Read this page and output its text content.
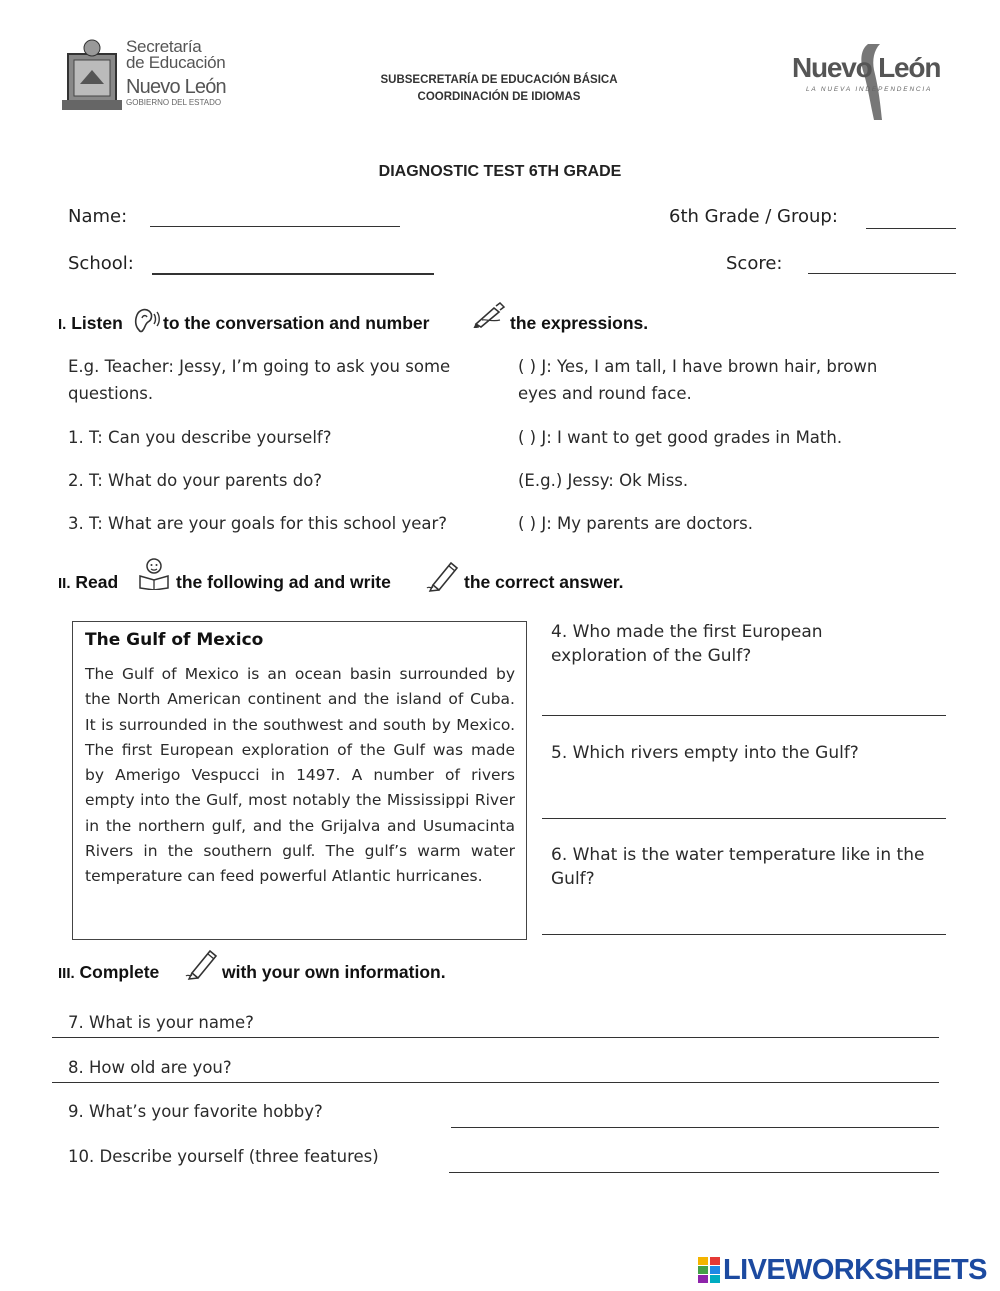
Secretaría
de Educación
Nuevo León
GOBIERNO DEL ESTADO
SUBSECRETARÍA DE EDUCACIÓN BÁSICA
COORDINACIÓN DE IDIOMAS
Nuevo León
LA NUEVA INDEPENDENCIA
DIAGNOSTIC TEST 6TH GRADE
Name:	6th Grade / Group:
School:	Score:
I. Listen to the conversation and number	the expressions.
E.g. Teacher: Jessy, I’m going to ask you some questions.
1. T: Can you describe yourself?
2. T: What do your parents do?
3. T: What are your goals for this school year?
( ) J: Yes, I am tall, I have brown hair, brown eyes and round face.
( ) J: I want to get good grades in Math.
(E.g.) Jessy: Ok Miss.
( ) J: My parents are doctors.
II. Read	the following ad and write	the correct answer.
The Gulf of Mexico

The Gulf of Mexico is an ocean basin surrounded by the North American continent and the island of Cuba. It is surrounded in the southwest and south by Mexico. The first European exploration of the Gulf was made by Amerigo Vespucci in 1497. A number of rivers empty into the Gulf, most notably the Mississippi River in the northern gulf, and the Grijalva and Usumacinta Rivers in the southern gulf. The gulf’s warm water temperature can feed powerful Atlantic hurricanes.

4. Who made the first European exploration of the Gulf?
5. Which rivers empty into the Gulf?
6. What is the water temperature like in the Gulf?
III. Complete	with your own information.
7. What is your name?
8. How old are you?
9. What’s your favorite hobby?
10. Describe yourself (three features)
LIVEWORKSHEETS
